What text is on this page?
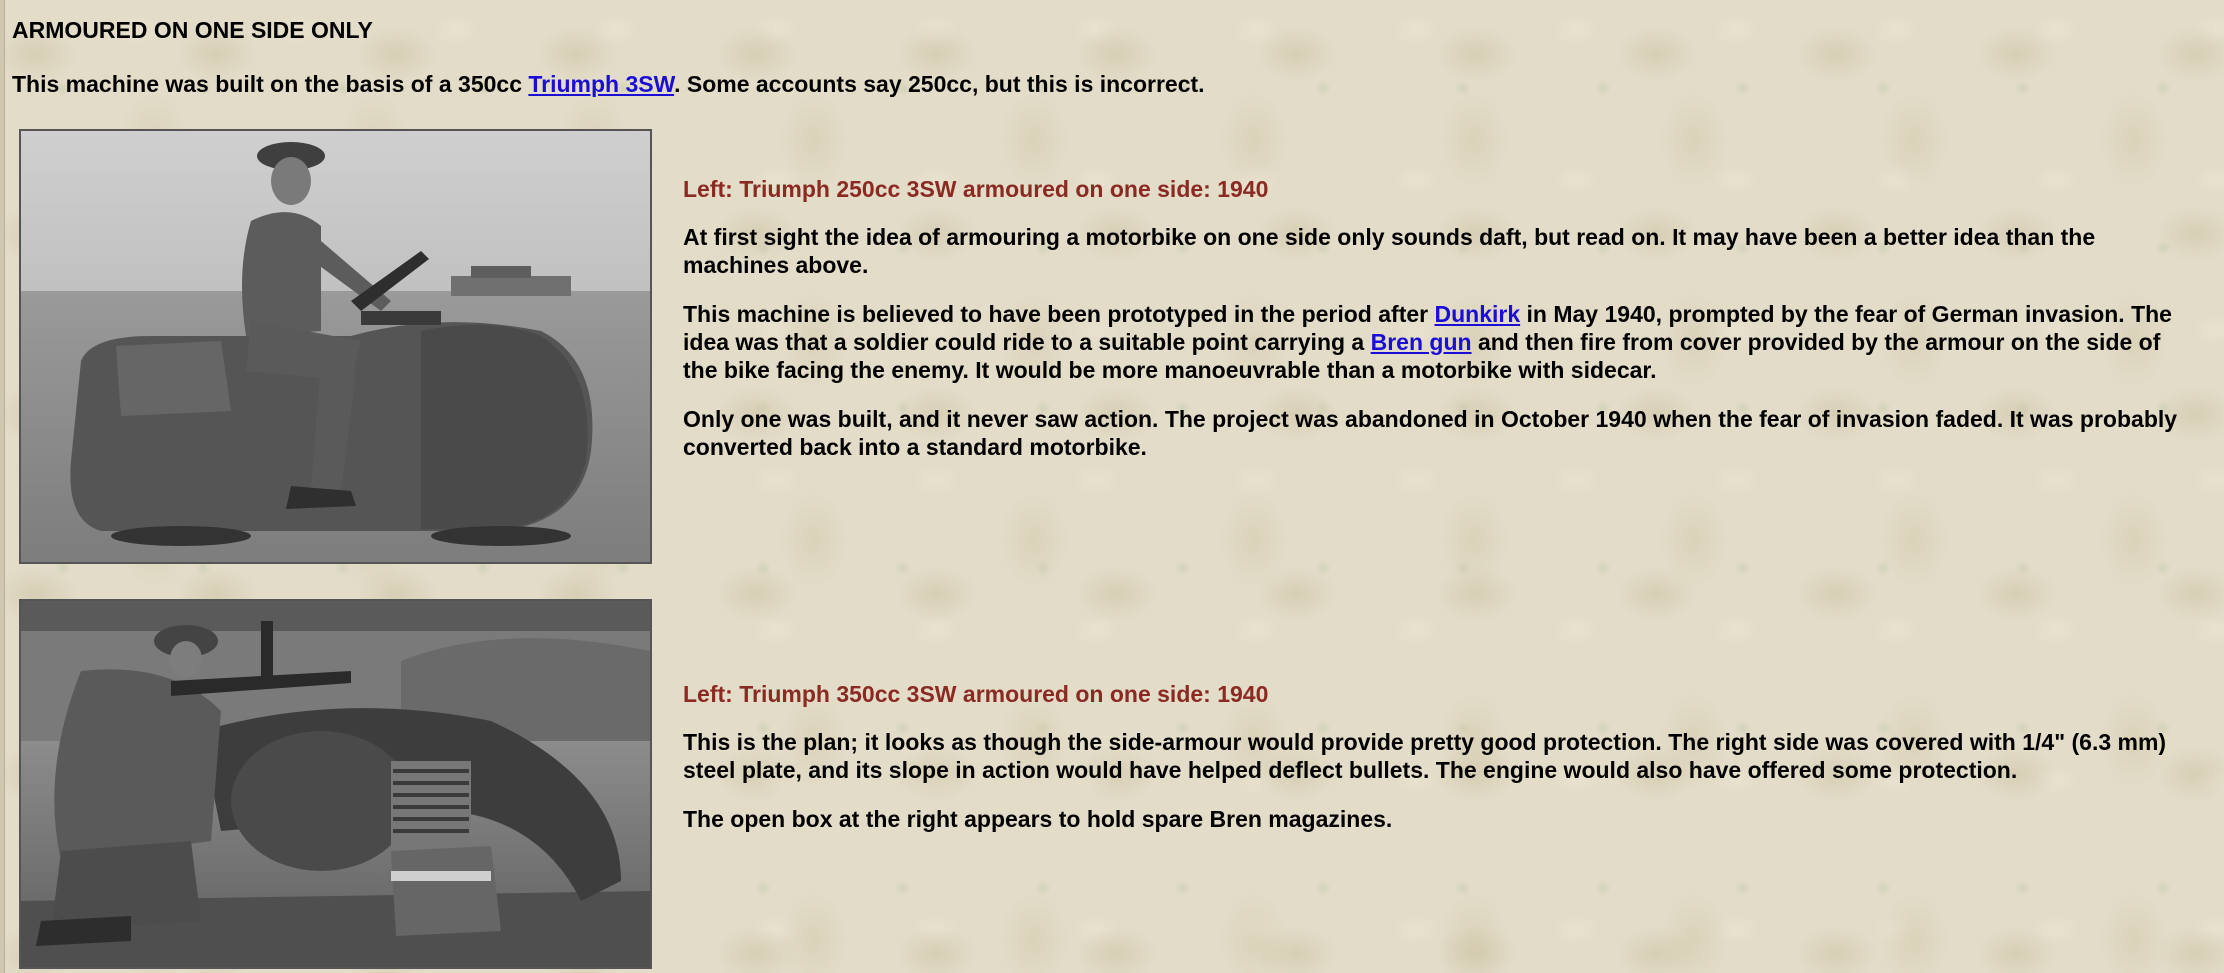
ARMOURED ON ONE SIDE ONLY

This machine was built on the basis of a 350cc Triumph 3SW. Some accounts say 250cc, but this is incorrect.

Left: Triumph 250cc 3SW armoured on one side: 1940

At first sight the idea of armouring a motorbike on one side only sounds daft, but read on. It may have been a better idea than the machines above.

This machine is believed to have been prototyped in the period after Dunkirk in May 1940, prompted by the fear of German invasion. The idea was that a soldier could ride to a suitable point carrying a Bren gun and then fire from cover provided by the armour on the side of the bike facing the enemy. It would be more manoeuvrable than a motorbike with sidecar.

Only one was built, and it never saw action. The project was abandoned in October 1940 when the fear of invasion faded. It was probably converted back into a standard motorbike.

Left: Triumph 350cc 3SW armoured on one side: 1940

This is the plan; it looks as though the side-armour would provide pretty good protection. The right side was covered with 1/4" (6.3 mm) steel plate, and its slope in action would have helped deflect bullets. The engine would also have offered some protection.

The open box at the right appears to hold spare Bren magazines.
